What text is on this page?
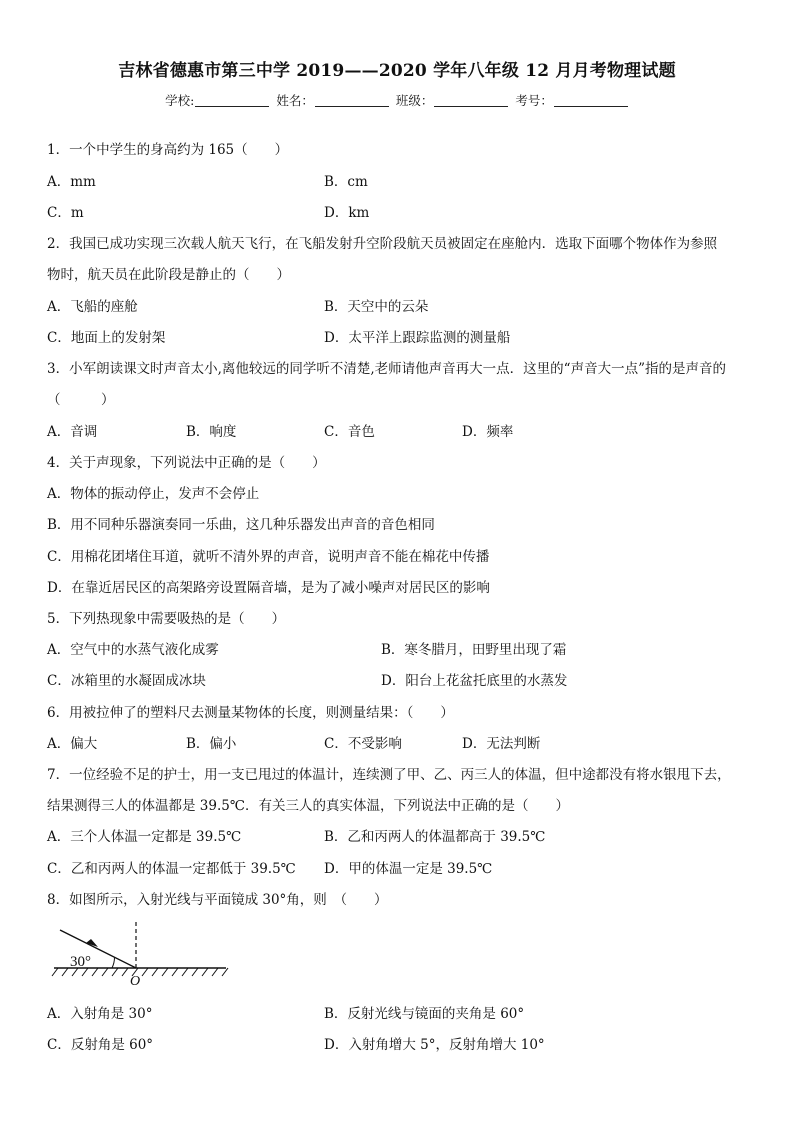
吉林省德惠市第三中学 2019——2020 学年八年级 12 月月考物理试题
学校:	姓名：	班级：	考号：
1．一个中学生的身高约为 165（　　）
A．mm	B．cm
C．m	D．km
2．我国已成功实现三次载人航天飞行，在飞船发射升空阶段航天员被固定在座舱内．选取下面哪个物体作为参照
物时，航天员在此阶段是静止的（　　）
A．飞船的座舱	B．天空中的云朵
C．地面上的发射架	D．太平洋上跟踪监测的测量船
3．小军朗读课文时声音太小,离他较远的同学听不清楚,老师请他声音再大一点．这里的“声音大一点”指的是声音的
（　　　）
A．音调	B．响度	C．音色	D．频率
4．关于声现象，下列说法中正确的是（　　）
A．物体的振动停止，发声不会停止
B．用不同种乐器演奏同一乐曲，这几种乐器发出声音的音色相同
C．用棉花团堵住耳道，就听不清外界的声音，说明声音不能在棉花中传播
D．在靠近居民区的高架路旁设置隔音墙，是为了减小噪声对居民区的影响
5．下列热现象中需要吸热的是（　　）
A．空气中的水蒸气液化成雾	B．寒冬腊月，田野里出现了霜
C．冰箱里的水凝固成冰块	D．阳台上花盆托底里的水蒸发
6．用被拉伸了的塑料尺去测量某物体的长度，则测量结果：（　　）
A．偏大	B．偏小	C．不受影响	D．无法判断
7．一位经验不足的护士，用一支已甩过的体温计，连续测了甲、乙、丙三人的体温，但中途都没有将水银甩下去，
结果测得三人的体温都是 39.5℃．有关三人的真实体温，下列说法中正确的是（　　）
A．三个人体温一定都是 39.5℃	B．乙和丙两人的体温都高于 39.5℃
C．乙和丙两人的体温一定都低于 39.5℃ D．甲的体温一定是 39.5℃
8．如图所示，入射光线与平面镜成 30°角，则　（　　）
30°
O
A．入射角是 30°	B．反射光线与镜面的夹角是 60°
C．反射角是 60°	D．入射角增大 5°，反射角增大 10°
